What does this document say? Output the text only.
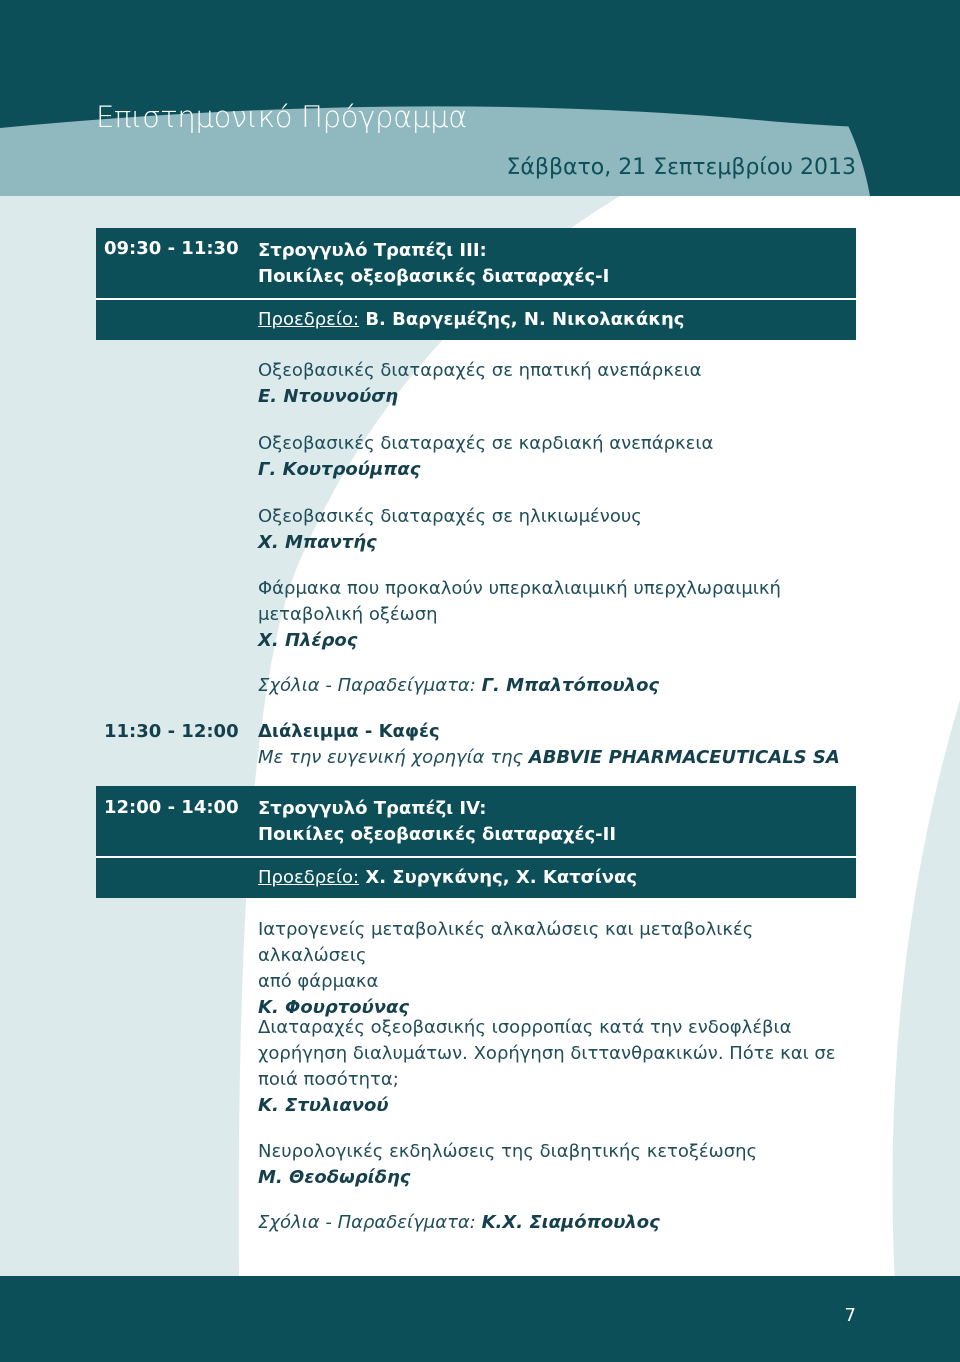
Επιστημονικό Πρόγραμμα
Σάββατο, 21 Σεπτεμβρίου 2013
Στρογγυλό Τραπέζι ΙΙΙ:
Ποικίλες οξεοβασικές διαταραχές-Ι
Προεδρείο: Β. Βαργεμέζης, Ν. Νικολακάκης
09:30 - 11:30
Οξεοβασικές διαταραχές σε ηπατική ανεπάρκεια
Ε. Ντουνούση
Οξεοβασικές διαταραχές σε καρδιακή ανεπάρκεια
Γ. Κουτρούμπας
Οξεοβασικές διαταραχές σε ηλικιωμένους
Χ. Μπαντής
Φάρμακα που προκαλούν υπερκαλιαιμική υπερχλωραιμική
μεταβολική οξέωση
Χ. Πλέρος
Σχόλια - Παραδείγματα: Γ. Μπαλτόπουλος
11:30 - 12:00 Διάλειμμα - Καφές
Με την ευγενική χορηγία της ABBVIE PHARMACEUTICALS SA
Στρογγυλό Τραπέζι ΙV:
Ποικίλες οξεοβασικές διαταραχές-ΙΙ
Προεδρείο: Χ. Συργκάνης, Χ. Κατσίνας
12:00 - 14:00
Ιατρογενείς μεταβολικές αλκαλώσεις και μεταβολικές αλκαλώσεις
από φάρμακα
Κ. Φουρτούνας
Διαταραχές οξεοβασικής ισορροπίας κατά την ενδοφλέβια
χορήγηση διαλυμάτων. Χορήγηση διττανθρακικών. Πότε και σε
ποιά ποσότητα;
Κ. Στυλιανού
Νευρολογικές εκδηλώσεις της διαβητικής κετοξέωσης
Μ. Θεοδωρίδης
Σχόλια - Παραδείγματα: Κ.Χ. Σιαμόπουλος
7
